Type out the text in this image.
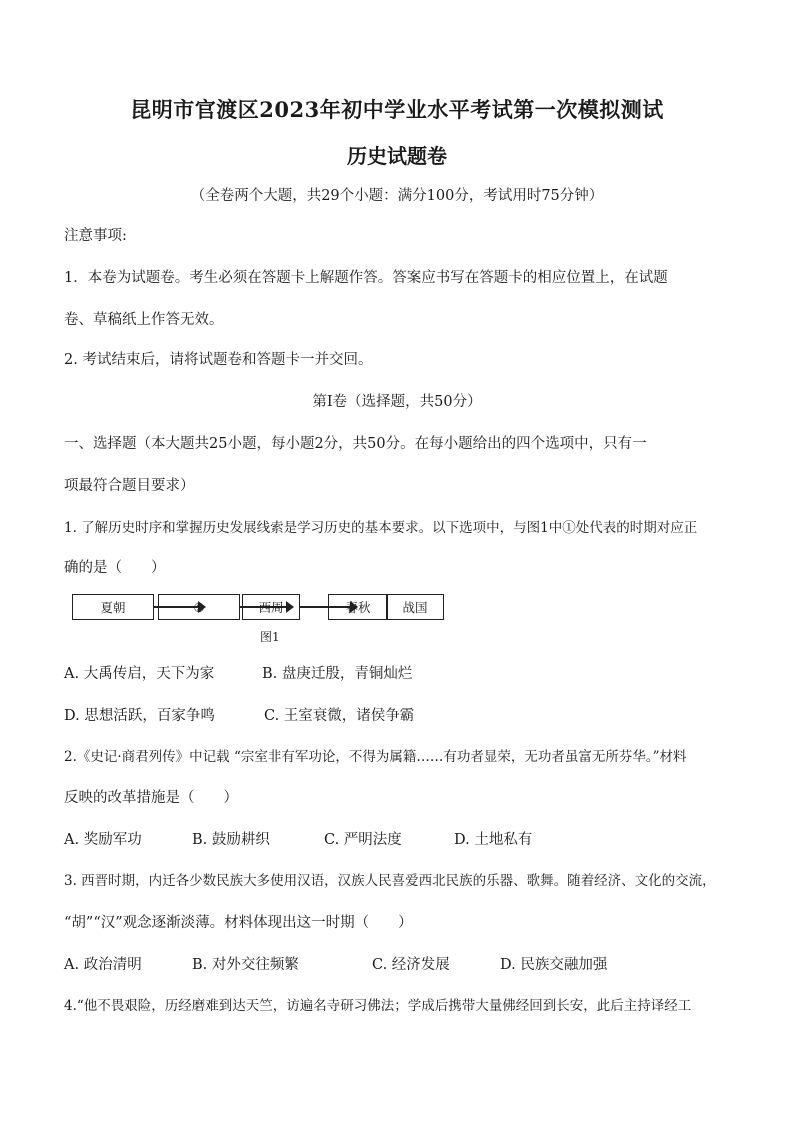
昆明市官渡区2023年初中学业水平考试第一次模拟测试
历史试题卷
（全卷两个大题，共29个小题：满分100分，考试用时75分钟）
注意事项:
1．本卷为试题卷。考生必须在答题卡上解题作答。答案应书写在答题卡的相应位置上，在试题
卷、草稿纸上作答无效。
2. 考试结束后，请将试题卷和答题卡一并交回。
第Ⅰ卷（选择题，共50分）
一、选择题（本大题共25小题，每小题2分，共50分。在每小题给出的四个选项中，只有一
项最符合题目要求）
1. 了解历史时序和掌握历史发展线索是学习历史的基本要求。以下选项中，与图1中①处代表的时期对应正
确的是（　　）
夏朝	①	西周	春秋	战国
图1
A. 大禹传启，天下为家	B. 盘庚迁殷，青铜灿烂
D. 思想活跃，百家争鸣	C. 王室衰微，诸侯争霸
2.《史记·商君列传》中记载 “宗室非有军功论，不得为属籍……有功者显荣，无功者虽富无所芬华。”材料
反映的改革措施是（　　）
A. 奖励军功	B. 鼓励耕织	C. 严明法度	D. 土地私有
3. 西晋时期，内迁各少数民族大多使用汉语，汉族人民喜爱西北民族的乐器、歌舞。随着经济、文化的交流，
“胡”“汉”观念逐渐淡薄。材料体现出这一时期（　　）
A. 政治清明	B. 对外交往频繁	C. 经济发展	D. 民族交融加强
4.“他不畏艰险，历经磨难到达天竺，访遍名寺研习佛法；学成后携带大量佛经回到长安，此后主持译经工
